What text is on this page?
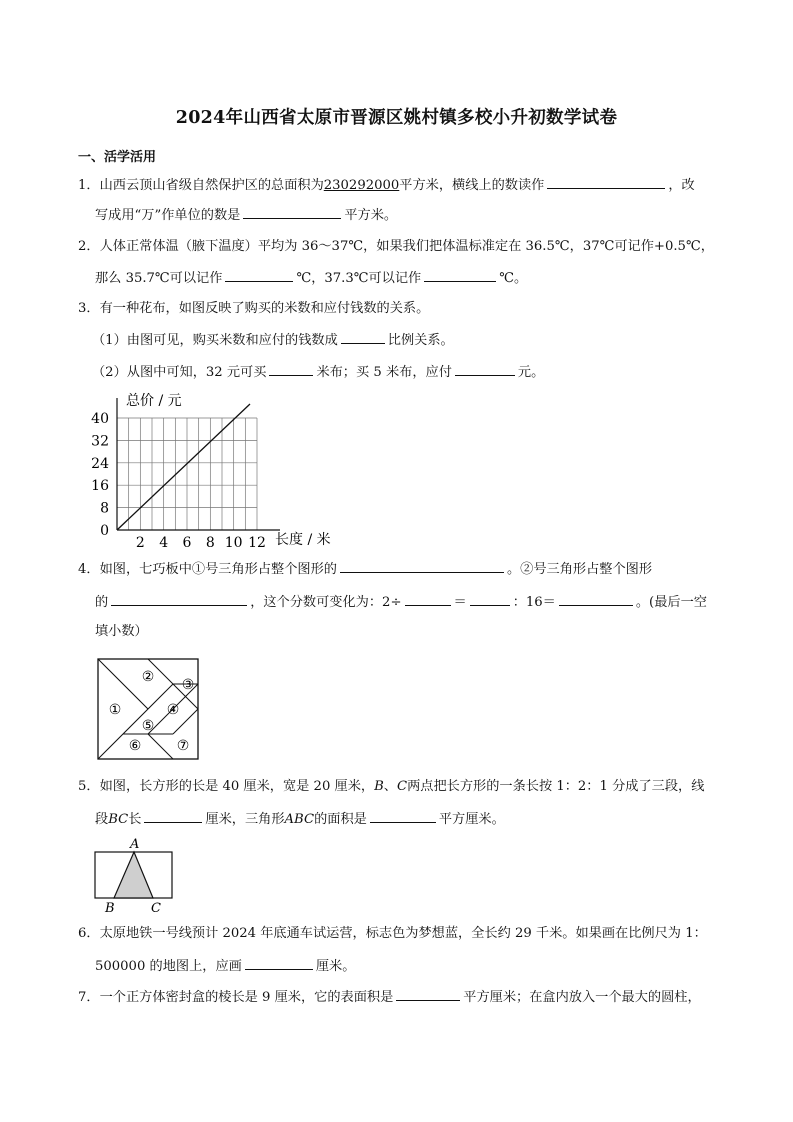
2024年山西省太原市晋源区姚村镇多校小升初数学试卷
一、活学活用
1．山西云顶山省级自然保护区的总面积为230292000平方米，横线上的数读作	，改
写成用“万”作单位的数是	平方米。
2．人体正常体温（腋下温度）平均为 36～37℃，如果我们把体温标准定在 36.5℃，37℃可记作+0.5℃，
那么 35.7℃可以记作	℃，37.3℃可以记作	℃。
3．有一种花布，如图反映了购买的米数和应付钱数的关系。
（1）由图可见，购买米数和应付的钱数成	比例关系。
（2）从图中可知，32 元可买	米布；买 5 米布，应付	元。
2 4 6 8 10 12
0
8
16
24
32
40
总价 / 元
长度 / 米
4．如图，七巧板中①号三角形占整个图形的	。②号三角形占整个图形
的	，这个分数可变化为：2÷	＝	：16＝	。(最后一空
填小数）
①
② ③
④
⑤
⑥	⑦
5．如图，长方形的长是 40 厘米，宽是 20 厘米，B、C两点把长方形的一条长按 1：2：1 分成了三段，线
段BC长	厘米，三角形ABC的面积是	平方厘米。
A
B	C
6．太原地铁一号线预计 2024 年底通车试运营，标志色为梦想蓝，全长约 29 千米。如果画在比例尺为 1：
500000 的地图上，应画	厘米。
7．一个正方体密封盒的棱长是 9 厘米，它的表面积是	平方厘米；在盒内放入一个最大的圆柱，
